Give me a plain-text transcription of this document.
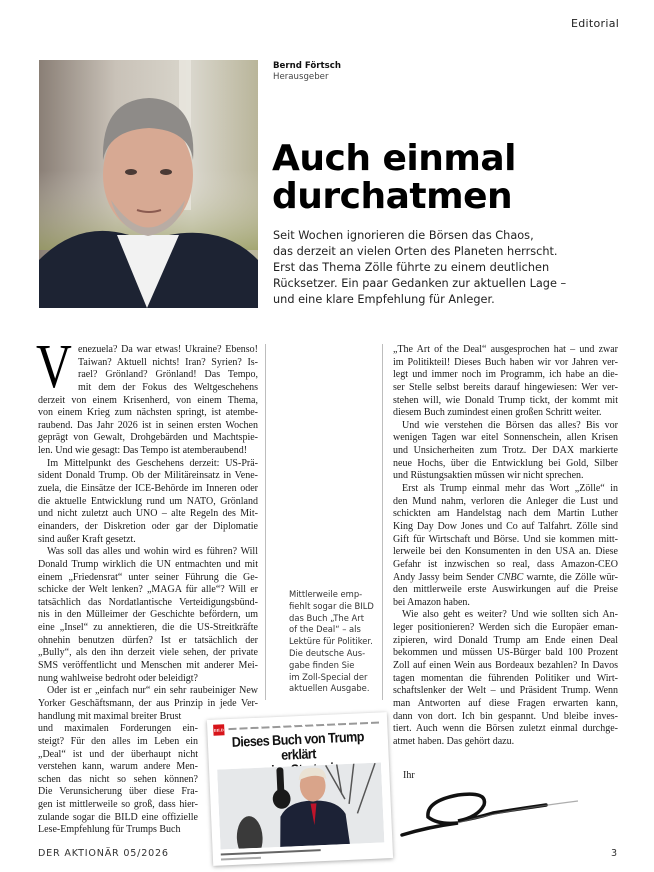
Editorial
Bernd Förtsch
Herausgeber
Auch einmal
durchatmen
Seit Wochen ignorieren die Börsen das Chaos,
das derzeit an vielen Orten des Planeten herrscht.
Erst das Thema Zölle führte zu einem deutlichen
Rücksetzer. Ein paar Gedanken zur aktuellen Lage –
und eine klare Empfehlung für Anleger.
V enezuela? Da war etwas! Ukraine? Ebenso!
Taiwan? Aktuell nichts! Iran? Syrien? Is-
rael? Grönland? Grönland! Das Tempo,
mit dem der Fokus des Weltgeschehens
derzeit von einem Krisenherd, von einem Thema,
von einem Krieg zum nächsten springt, ist atembe-
raubend. Das Jahr 2026 ist in seinen ersten Wochen
geprägt von Gewalt, Drohgebärden und Machtspie-
len. Und wie gesagt: Das Tempo ist atemberaubend!
Im Mittelpunkt des Geschehens derzeit: US-Prä-
sident Donald Trump. Ob der Militäreinsatz in Vene-
zuela, die Einsätze der ICE-Behörde im Inneren oder
die aktuelle Entwicklung rund um NATO, Grönland
und nicht zuletzt auch UNO – alte Regeln des Mit-
einanders, der Diskretion oder gar der Diplomatie
sind außer Kraft gesetzt.
Was soll das alles und wohin wird es führen? Will
Donald Trump wirklich die UN entmachten und mit
einem „Friedensrat“ unter seiner Führung die Ge-
schicke der Welt lenken? „MAGA für alle“? Will er
tatsächlich das Nordatlantische Verteidigungsbünd-
nis in den Mülleimer der Geschichte befördern, um
eine „Insel“ zu annektieren, die die US-Streitkräfte
ohnehin benutzen dürfen? Ist er tatsächlich der
„Bully“, als den ihn derzeit viele sehen, der private
SMS veröffentlicht und Menschen mit anderer Mei-
nung wahlweise bedroht oder beleidigt?
Oder ist er „einfach nur“ ein sehr raubeiniger New
Yorker Geschäftsmann, der aus Prinzip in jede Ver-
handlung mit maximal breiter Brust
und maximalen Forderungen ein-
steigt? Für den alles im Leben ein
„Deal“ ist und der überhaupt nicht
verstehen kann, warum andere Men-
schen das nicht so sehen können?
Die Verunsicherung über diese Fra-
gen ist mittlerweile so groß, dass hier-
zulande sogar die BILD eine offizielle
Lese-Empfehlung für Trumps Buch
„The Art of the Deal“ ausgesprochen hat – und zwar
im Politikteil! Dieses Buch haben wir vor Jahren ver-
legt und immer noch im Programm, ich habe an die-
ser Stelle selbst bereits darauf hingewiesen: Wer ver-
stehen will, wie Donald Trump tickt, der kommt mit
diesem Buch zumindest einen großen Schritt weiter.
Und wie verstehen die Börsen das alles? Bis vor
wenigen Tagen war eitel Sonnenschein, allen Krisen
und Unsicherheiten zum Trotz. Der DAX markierte
neue Hochs, über die Entwicklung bei Gold, Silber
und Rüstungsaktien müssen wir nicht sprechen.
Erst als Trump einmal mehr das Wort „Zölle“ in
den Mund nahm, verloren die Anleger die Lust und
schickten am Handelstag nach dem Martin Luther
King Day Dow Jones und Co auf Talfahrt. Zölle sind
Gift für Wirtschaft und Börse. Und sie kommen mitt-
lerweile bei den Konsumenten in den USA an. Diese
Gefahr ist inzwischen so real, dass Amazon-CEO
Andy Jassy beim Sender CNBC warnte, die Zölle wür-
den mittlerweile erste Auswirkungen auf die Preise
bei Amazon haben.
Wie also geht es weiter? Und wie sollten sich An-
leger positionieren? Werden sich die Europäer eman-
zipieren, wird Donald Trump am Ende einen Deal
bekommen und müssen US-Bürger bald 100 Prozent
Zoll auf einen Wein aus Bordeaux bezahlen? In Davos
tagen momentan die führenden Politiker und Wirt-
schaftslenker der Welt – und Präsident Trump. Wenn
man Antworten auf diese Fragen erwarten kann,
dann von dort. Ich bin gespannt. Und bleibe inves-
tiert. Auch wenn die Börsen zuletzt einmal durchge-
atmet haben. Das gehört dazu.
Mittlerweile emp-
fiehlt sogar die BILD
das Buch „The Art
of the Deal“ – als
Lektüre für Politiker.
Die deutsche Aus-
gabe finden Sie
im Zoll-Special der
aktuellen Ausgabe.
BILD Dieses Buch von Trump erklärt
Ihr
DER AKTIONÄR 05/2026	3
